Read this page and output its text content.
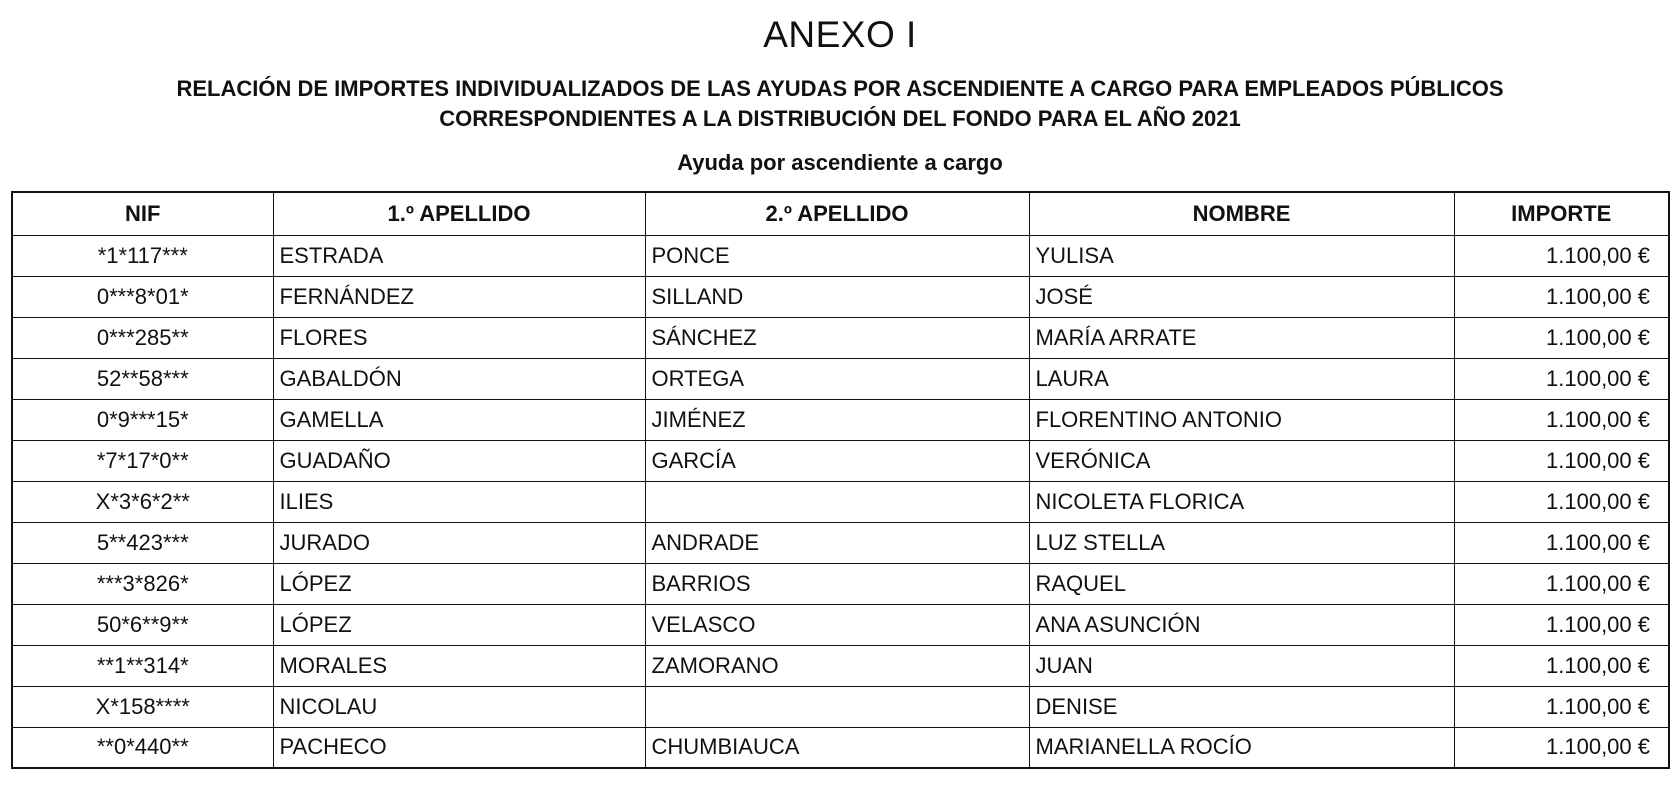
ANEXO I
RELACIÓN DE IMPORTES INDIVIDUALIZADOS DE LAS AYUDAS POR ASCENDIENTE A CARGO PARA EMPLEADOS PÚBLICOS
CORRESPONDIENTES A LA DISTRIBUCIÓN DEL FONDO PARA EL AÑO 2021
Ayuda por ascendiente a cargo
NIF	1.º APELLIDO	2.º APELLIDO	NOMBRE	IMPORTE
*1*117***	ESTRADA	PONCE	YULISA	1.100,00 €
0***8*01*	FERNÁNDEZ	SILLAND	JOSÉ	1.100,00 €
0***285**	FLORES	SÁNCHEZ	MARÍA ARRATE	1.100,00 €
52**58***	GABALDÓN	ORTEGA	LAURA	1.100,00 €
0*9***15*	GAMELLA	JIMÉNEZ	FLORENTINO ANTONIO	1.100,00 €
*7*17*0**	GUADAÑO	GARCÍA	VERÓNICA	1.100,00 €
X*3*6*2**	ILIES		NICOLETA FLORICA	1.100,00 €
5**423***	JURADO	ANDRADE	LUZ STELLA	1.100,00 €
***3*826*	LÓPEZ	BARRIOS	RAQUEL	1.100,00 €
50*6**9**	LÓPEZ	VELASCO	ANA ASUNCIÓN	1.100,00 €
**1**314*	MORALES	ZAMORANO	JUAN	1.100,00 €
X*158****	NICOLAU		DENISE	1.100,00 €
**0*440**	PACHECO	CHUMBIAUCA	MARIANELLA ROCÍO	1.100,00 €
